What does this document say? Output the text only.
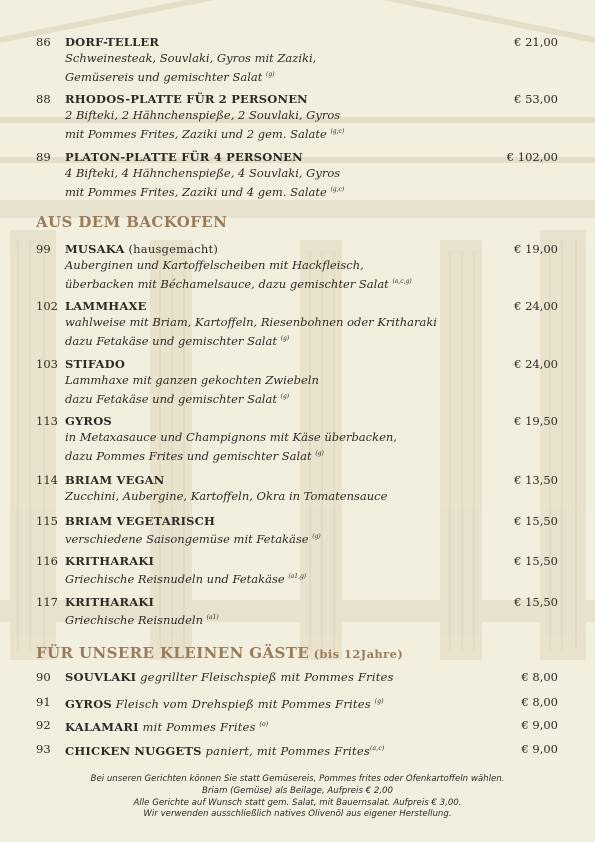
86 DORF-TELLER	€ 21,00
Schweinesteak, Souvlaki, Gyros mit Zaziki,
Gemüsereis und gemischter Salat $^{(g)}$
88 RHODOS-PLATTE FÜR 2 PERSONEN	€ 53,00
2 Bifteki, 2 Hähnchenspieße, 2 Souvlaki, Gyros
mit Pommes Frites, Zaziki und 2 gem. Salate $^{(g,c)}$
89 PLATON-PLATTE FÜR 4 PERSONEN	€ 102,00
4 Bifteki, 4 Hähnchenspieße, 4 Souvlaki, Gyros
mit Pommes Frites, Zaziki und 4 gem. Salate $^{(g,c)}$
AUS DEM BACKOFEN
99 MUSAKA (hausgemacht)	€ 19,00
Auberginen und Kartoffelscheiben mit Hackfleisch,
überbacken mit Béchamelsauce, dazu gemischter Salat $^{(a,c,g)}$
102 LAMMHAXE	€ 24,00
wahlweise mit Briam, Kartoffeln, Riesenbohnen oder Kritharaki
dazu Fetakäse und gemischter Salat $^{(g)}$
103 STIFADO	€ 24,00
Lammhaxe mit ganzen gekochten Zwiebeln
dazu Fetakäse und gemischter Salat $^{(g)}$
113 GYROS	€ 19,50
in Metaxasauce und Champignons mit Käse überbacken,
dazu Pommes Frites und gemischter Salat $^{(g)}$
114 BRIAM VEGAN	€ 13,50
Zucchini, Aubergine, Kartoffeln, Okra in Tomatensauce
115 BRIAM VEGETARISCH	€ 15,50
verschiedene Saisongemüse mit Fetakäse $^{(g)}$
116 KRITHARAKI	€ 15,50
Griechische Reisnudeln und Fetakäse $^{(a1,g)}$
117 KRITHARAKI	€ 15,50
Griechische Reisnudeln $^{(a1)}$
FÜR UNSERE KLEINEN GÄSTE (bis 12Jahre)
90 SOUVLAKI gegrillter Fleischspieß mit Pommes Frites	€ 8,00
91 GYROS Fleisch vom Drehspieß mit Pommes Frites $^{(g)}$	€ 8,00
92 KALAMARI mit Pommes Frites $^{(o)}$	€ 9,00
93 CHICKEN NUGGETS paniert, mit Pommes Frites$^{(a,c)}$	€ 9,00
Bei unseren Gerichten können Sie statt Gemüsereis, Pommes frites oder Ofenkartoffeln wählen.
Briam (Gemüse) als Beilage, Aufpreis € 2,00
Alle Gerichte auf Wunsch statt gem. Salat, mit Bauernsalat. Aufpreis € 3,00.
Wir verwenden ausschließlich natives Olivenöl aus eigener Herstellung.
